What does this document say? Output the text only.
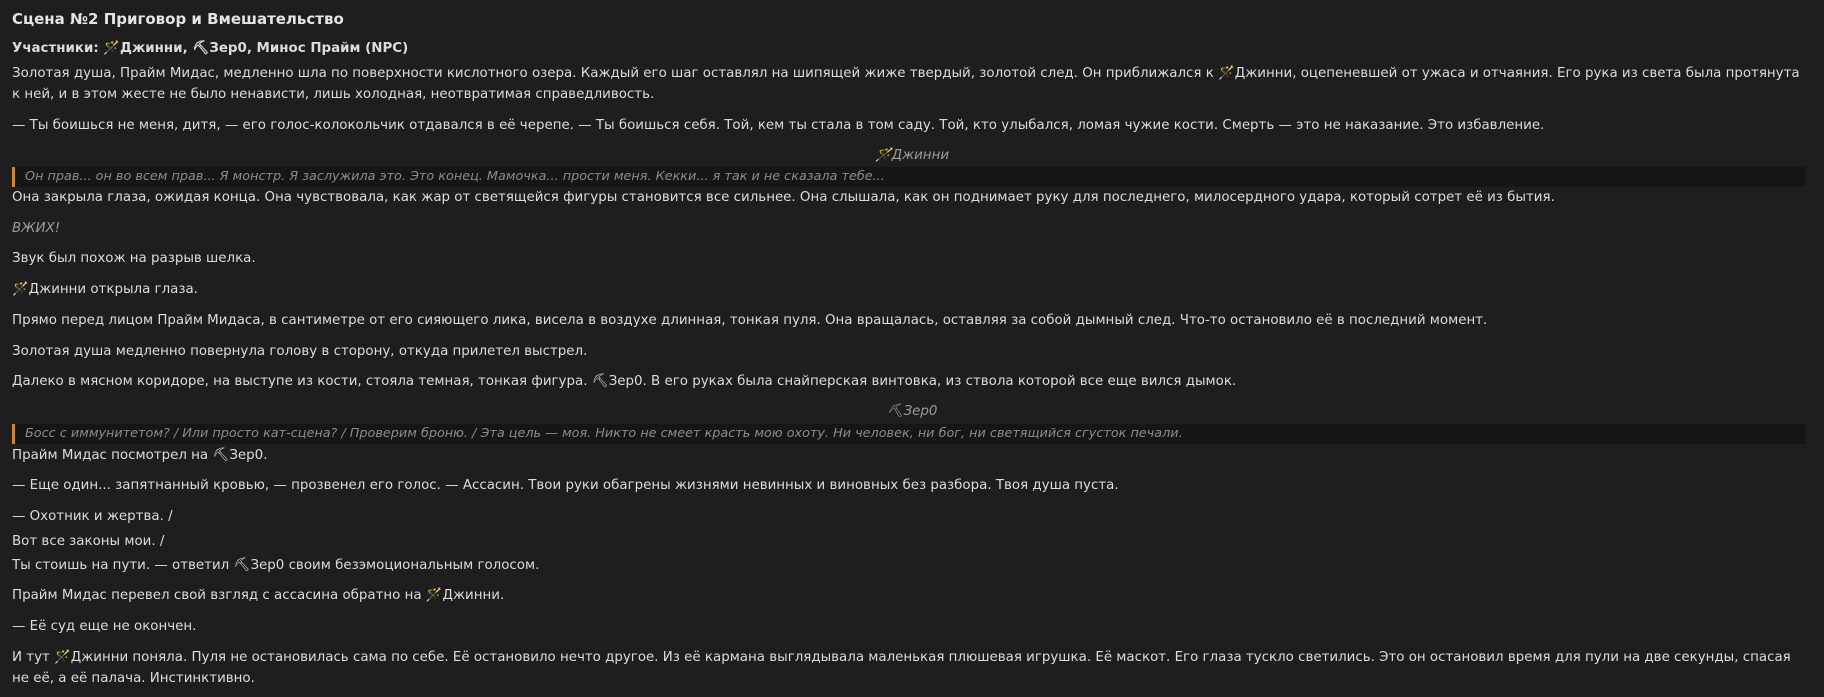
Сцена №2 Приговор и Вмешательство
Участники: 🪄Джинни, ⛏Зер0, Минос Прайм (NPC)
Золотая душа, Прайм Мидас, медленно шла по поверхности кислотного озера. Каждый его шаг оставлял на шипящей жиже твердый, золотой след. Он приближался к 🪄Джинни, оцепеневшей от ужаса и отчаяния. Его рука из света была протянута к ней, и в этом жесте не было ненависти, лишь холодная, неотвратимая справедливость.
— Ты боишься не меня, дитя, — его голос-колокольчик отдавался в её черепе. — Ты боишься себя. Той, кем ты стала в том саду. Той, кто улыбался, ломая чужие кости. Смерть — это не наказание. Это избавление.
🪄Джинни
Он прав... он во всем прав... Я монстр. Я заслужила это. Это конец. Мамочка... прости меня. Кекки... я так и не сказала тебе...
Она закрыла глаза, ожидая конца. Она чувствовала, как жар от светящейся фигуры становится все сильнее. Она слышала, как он поднимает руку для последнего, милосердного удара, который сотрет её из бытия.
ВЖИХ!
Звук был похож на разрыв шелка.
🪄Джинни открыла глаза.
Прямо перед лицом Прайм Мидаса, в сантиметре от его сияющего лика, висела в воздухе длинная, тонкая пуля. Она вращалась, оставляя за собой дымный след. Что-то остановило её в последний момент.
Золотая душа медленно повернула голову в сторону, откуда прилетел выстрел.
Далеко в мясном коридоре, на выступе из кости, стояла темная, тонкая фигура. ⛏Зер0. В его руках была снайперская винтовка, из ствола которой все еще вился дымок.
⛏Зер0
Босс с иммунитетом? / Или просто кат-сцена? / Проверим броню. / Эта цель — моя. Никто не смеет красть мою охоту. Ни человек, ни бог, ни светящийся сгусток печали.
Прайм Мидас посмотрел на ⛏Зер0.
— Еще один... запятнанный кровью, — прозвенел его голос. — Ассасин. Твои руки обагрены жизнями невинных и виновных без разбора. Твоя душа пуста.
— Охотник и жертва. /
Вот все законы мои. /
Ты стоишь на пути. — ответил ⛏Зер0 своим безэмоциональным голосом.
Прайм Мидас перевел свой взгляд с ассасина обратно на 🪄Джинни.
— Её суд еще не окончен.
И тут 🪄Джинни поняла. Пуля не остановилась сама по себе. Её остановило нечто другое. Из её кармана выглядывала маленькая плюшевая игрушка. Её маскот. Его глаза тускло светились. Это он остановил время для пули на две секунды, спасая не её, а её палача. Инстинктивно.
